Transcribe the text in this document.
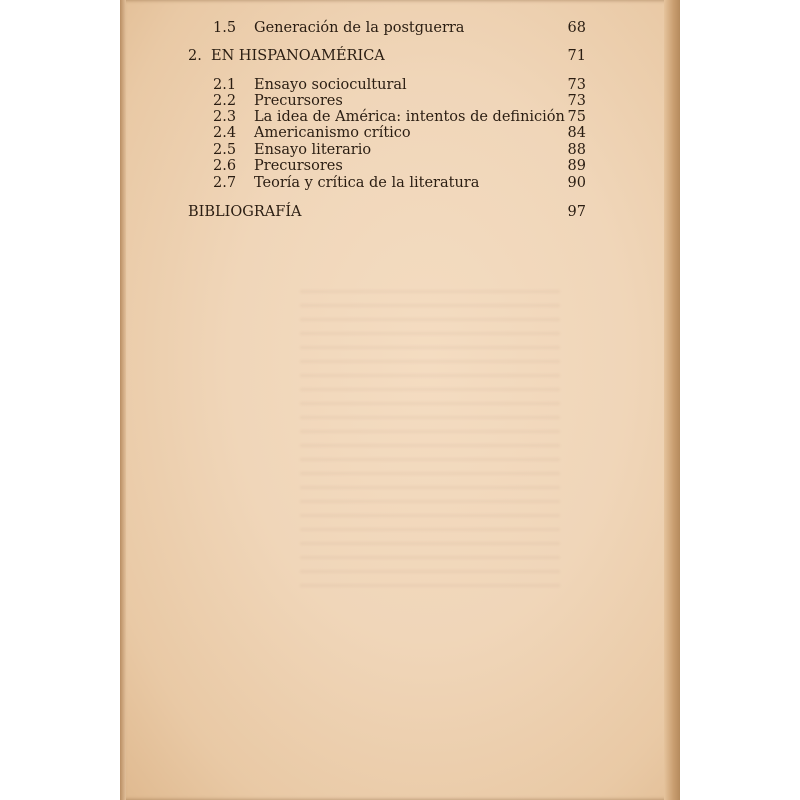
1.5 Generación de la postguerra	68
2. EN HISPANOAMÉRICA	71
2.1 Ensayo sociocultural	73
2.2 Precursores	73
2.3 La idea de América: intentos de definición 75
2.4 Americanismo crítico	84
2.5 Ensayo literario	88
2.6 Precursores	89
2.7 Teoría y crítica de la literatura	90
BIBLIOGRAFÍA	97
